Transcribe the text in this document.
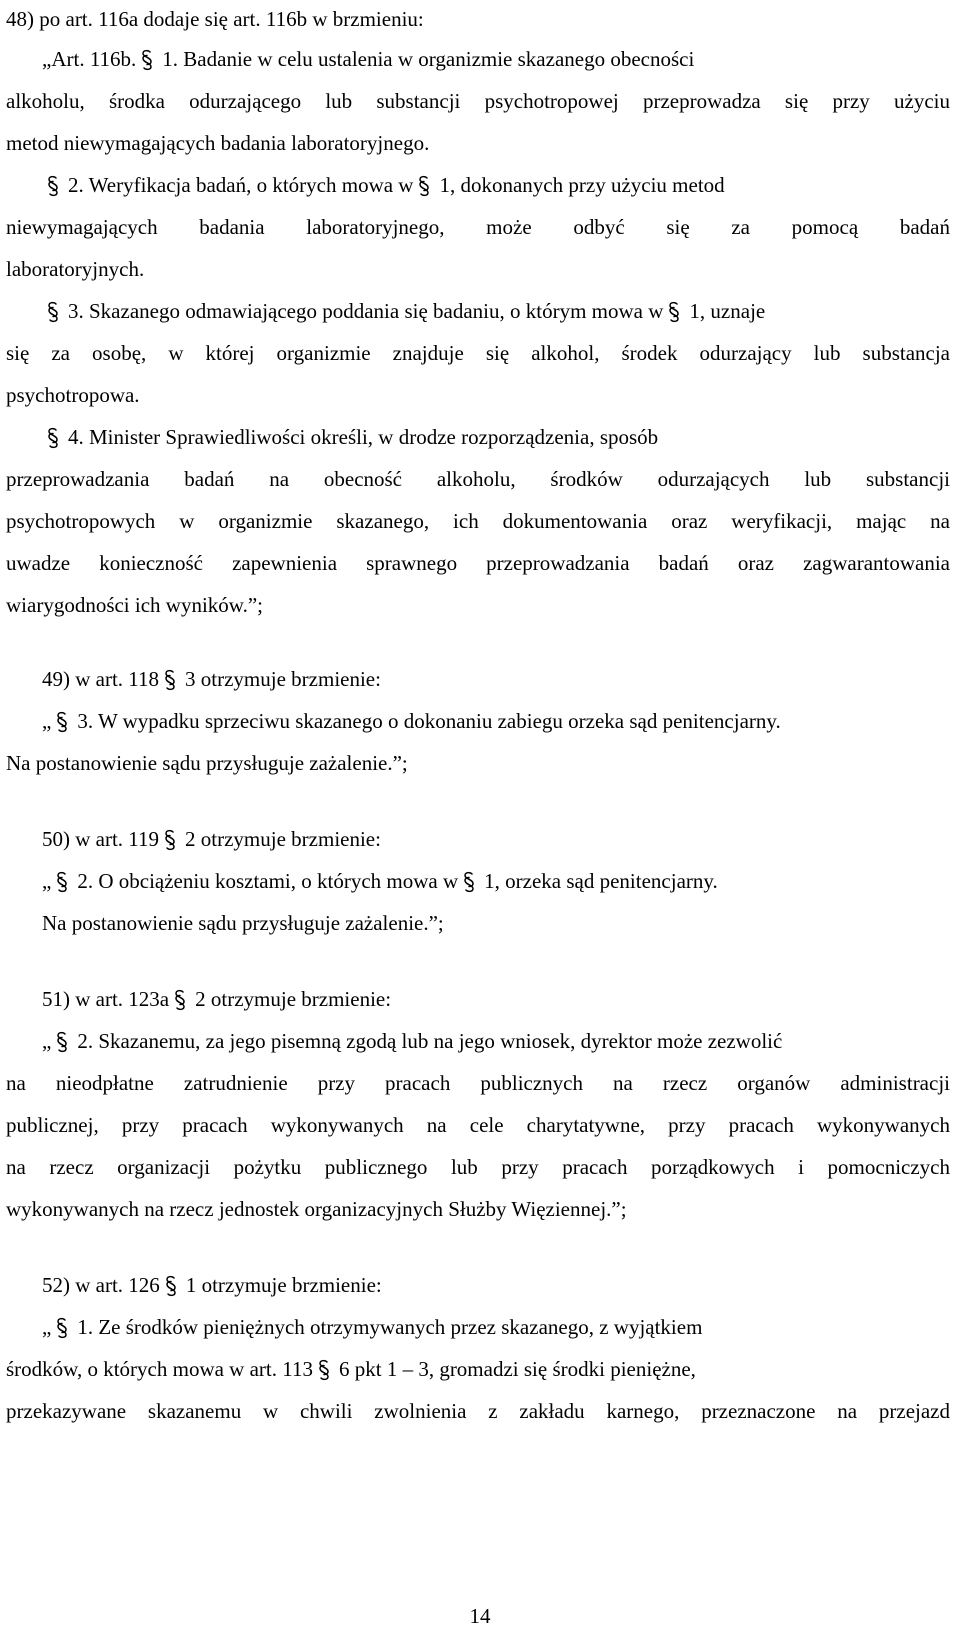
48) po art. 116a dodaje się art. 116b w brzmieniu:
„Art. 116b. 1. Badanie w celu ustalenia w organizmie skazanego obecności
alkoholu, środka odurzającego lub substancji psychotropowej przeprowadza się przy użyciu
metod niewymagających badania laboratoryjnego.
2. Weryfikacja badań, o których mowa w 1, dokonanych przy użyciu metod
niewymagających badania laboratoryjnego, może odbyć się za pomocą badań
laboratoryjnych.
3. Skazanego odmawiającego poddania się badaniu, o którym mowa w 1, uznaje
się za osobę, w której organizmie znajduje się alkohol, środek odurzający lub substancja
psychotropowa.
4. Minister Sprawiedliwości określi, w drodze rozporządzenia, sposób
przeprowadzania badań na obecność alkoholu, środków odurzających lub substancji
psychotropowych w organizmie skazanego, ich dokumentowania oraz weryfikacji, mając na
uwadze konieczność zapewnienia sprawnego przeprowadzania badań oraz zagwarantowania
wiarygodności ich wyników.”;
49) w art. 118 3 otrzymuje brzmienie:
„ 3. W wypadku sprzeciwu skazanego o dokonaniu zabiegu orzeka sąd penitencjarny.
Na postanowienie sądu przysługuje zażalenie.”;
50) w art. 119 2 otrzymuje brzmienie:
„ 2. O obciążeniu kosztami, o których mowa w 1, orzeka sąd penitencjarny.
Na postanowienie sądu przysługuje zażalenie.”;
51) w art. 123a 2 otrzymuje brzmienie:
„ 2. Skazanemu, za jego pisemną zgodą lub na jego wniosek, dyrektor może zezwolić
na nieodpłatne zatrudnienie przy pracach publicznych na rzecz organów administracji
publicznej, przy pracach wykonywanych na cele charytatywne, przy pracach wykonywanych
na rzecz organizacji pożytku publicznego lub przy pracach porządkowych i pomocniczych
wykonywanych na rzecz jednostek organizacyjnych Służby Więziennej.”;
52) w art. 126 1 otrzymuje brzmienie:
„ 1. Ze środków pieniężnych otrzymywanych przez skazanego, z wyjątkiem
środków, o których mowa w art. 113 6 pkt 1 – 3, gromadzi się środki pieniężne,
przekazywane skazanemu w chwili zwolnienia z zakładu karnego, przeznaczone na przejazd
14
